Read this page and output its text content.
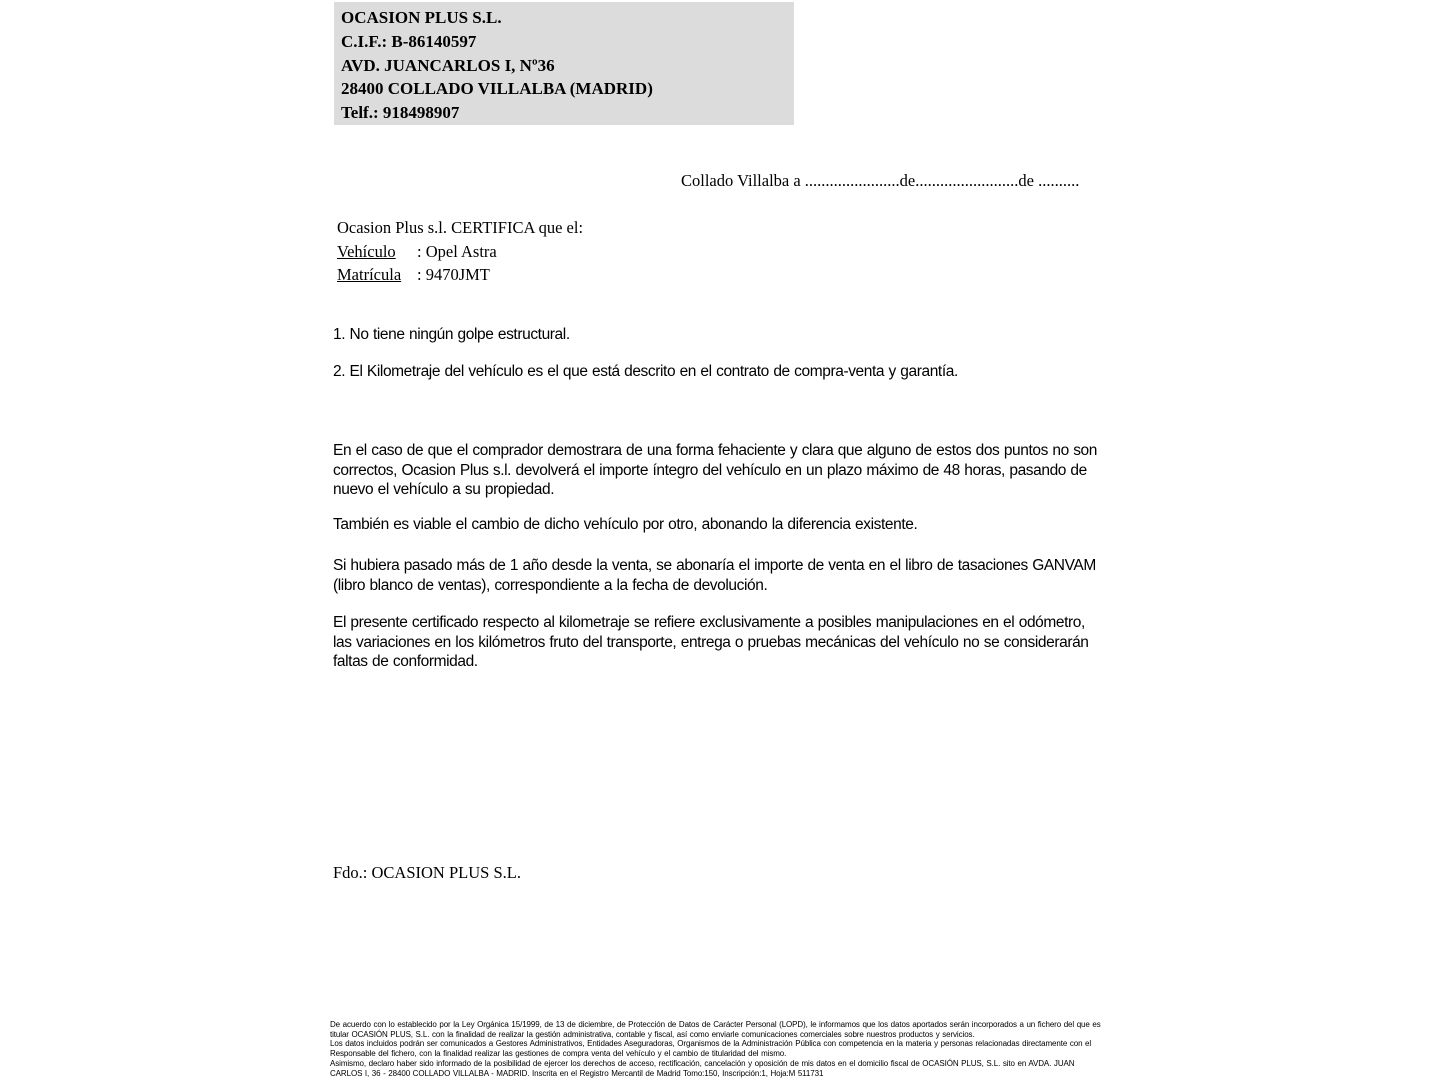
OCASION PLUS S.L.
C.I.F.: B-86140597
AVD. JUANCARLOS I, Nº36
28400 COLLADO VILLALBA (MADRID)
Telf.: 918498907
Collado Villalba a .......................de.........................de ..........
Ocasion Plus s.l. CERTIFICA que el:
Vehículo : Opel Astra
Matrícula : 9470JMT
1. No tiene ningún golpe estructural.
2. El Kilometraje del vehículo es el que está descrito en el contrato de compra-venta y garantía.
En el caso de que el comprador demostrara de una forma fehaciente y clara que alguno de estos dos puntos no son correctos, Ocasion Plus s.l. devolverá el importe íntegro del vehículo en un plazo máximo de 48 horas, pasando de nuevo el vehículo a su propiedad.
También es viable el cambio de dicho vehículo por otro, abonando la diferencia existente.
Si hubiera pasado más de 1 año desde la venta, se abonaría el importe de venta en el libro de tasaciones GANVAM (libro blanco de ventas), correspondiente a la fecha de devolución.
El presente certificado respecto al kilometraje se refiere exclusivamente a posibles manipulaciones en el odómetro, las variaciones en los kilómetros fruto del transporte, entrega o pruebas mecánicas del vehículo no se considerarán faltas de conformidad.
Fdo.: OCASION PLUS S.L.

De acuerdo con lo establecido por la Ley Orgánica 15/1999, de 13 de diciembre, de Protección de Datos de Carácter Personal (LOPD), le informamos que los datos aportados serán incorporados a un fichero del que es titular OCASIÓN PLUS, S.L. con la finalidad de realizar la gestión administrativa, contable y fiscal, así como enviarle comunicaciones comerciales sobre nuestros productos y servicios.

Los datos incluidos podrán ser comunicados a Gestores Administrativos, Entidades Aseguradoras, Organismos de la Administración Pública con competencia en la materia y personas relacionadas directamente con el Responsable del fichero, con la finalidad realizar las gestiones de compra venta del vehículo y el cambio de titularidad del mismo.

Asimismo, declaro haber sido informado de la posibilidad de ejercer los derechos de acceso, rectificación, cancelación y oposición de mis datos en el domicilio fiscal de OCASIÓN PLUS, S.L. sito en AVDA. JUAN CARLOS I, 36 - 28400 COLLADO VILLALBA - MADRID. Inscrita en el Registro Mercantil de Madrid Tomo:150, Inscripción:1, Hoja:M 511731
